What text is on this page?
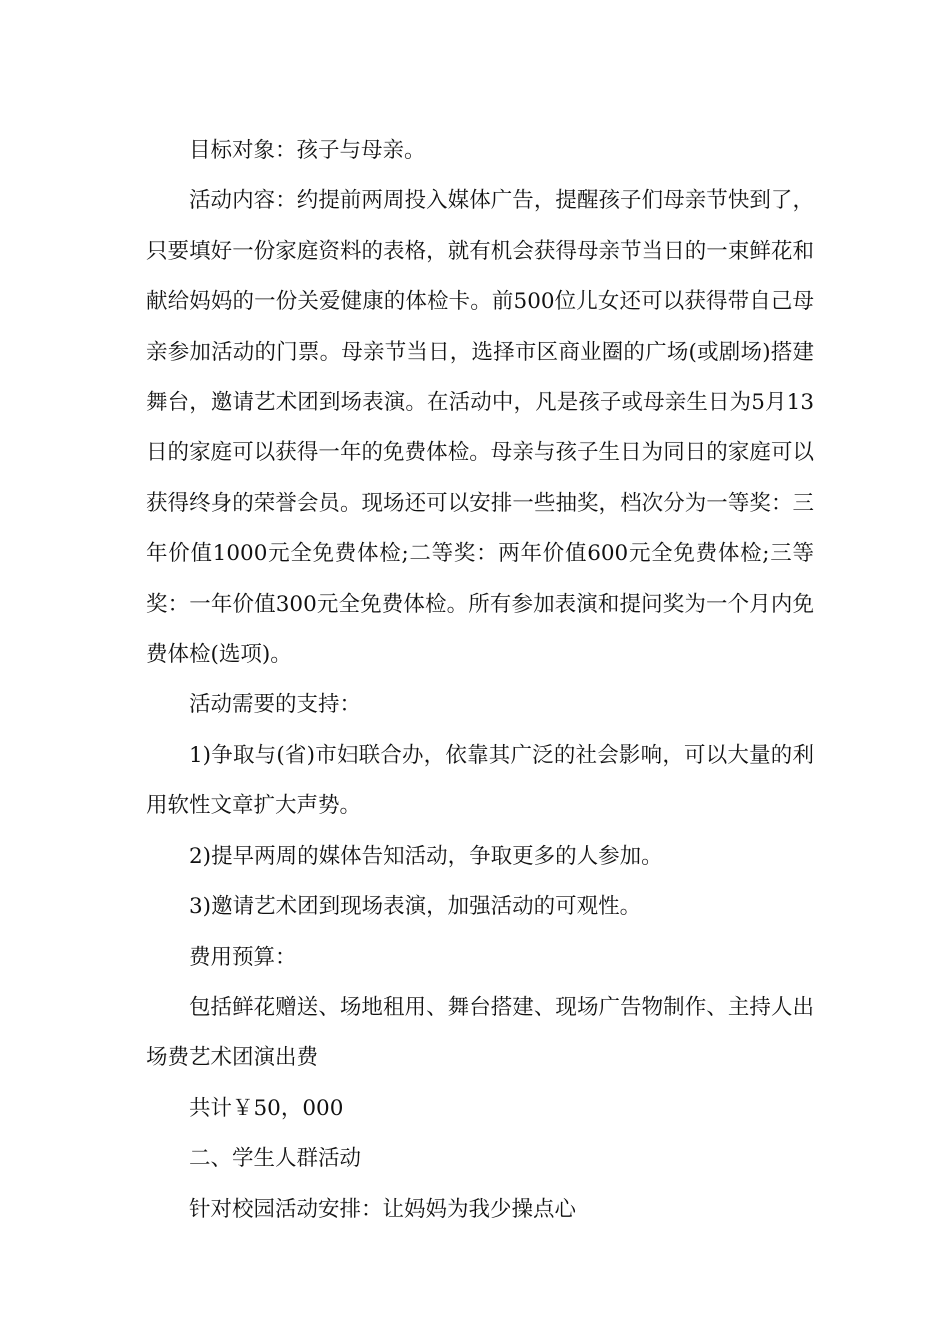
目标对象：孩子与母亲。

活动内容：约提前两周投入媒体广告，提醒孩子们母亲节快到了，只要填好一份家庭资料的表格，就有机会获得母亲节当日的一束鲜花和献给妈妈的一份关爱健康的体检卡。前500位儿女还可以获得带自己母亲参加活动的门票。母亲节当日，选择市区商业圈的广场(或剧场)搭建舞台，邀请艺术团到场表演。在活动中，凡是孩子或母亲生日为5月13日的家庭可以获得一年的免费体检。母亲与孩子生日为同日的家庭可以获得终身的荣誉会员。现场还可以安排一些抽奖，档次分为一等奖：三年价值1000元全免费体检;二等奖：两年价值600元全免费体检;三等奖：一年价值300元全免费体检。所有参加表演和提问奖为一个月内免费体检(选项)。

活动需要的支持：

1)争取与(省)市妇联合办，依靠其广泛的社会影响，可以大量的利用软性文章扩大声势。

2)提早两周的媒体告知活动，争取更多的人参加。

3)邀请艺术团到现场表演，加强活动的可观性。

费用预算：

包括鲜花赠送、场地租用、舞台搭建、现场广告物制作、主持人出场费艺术团演出费

共计￥50，000

二、学生人群活动

针对校园活动安排：让妈妈为我少操点心
